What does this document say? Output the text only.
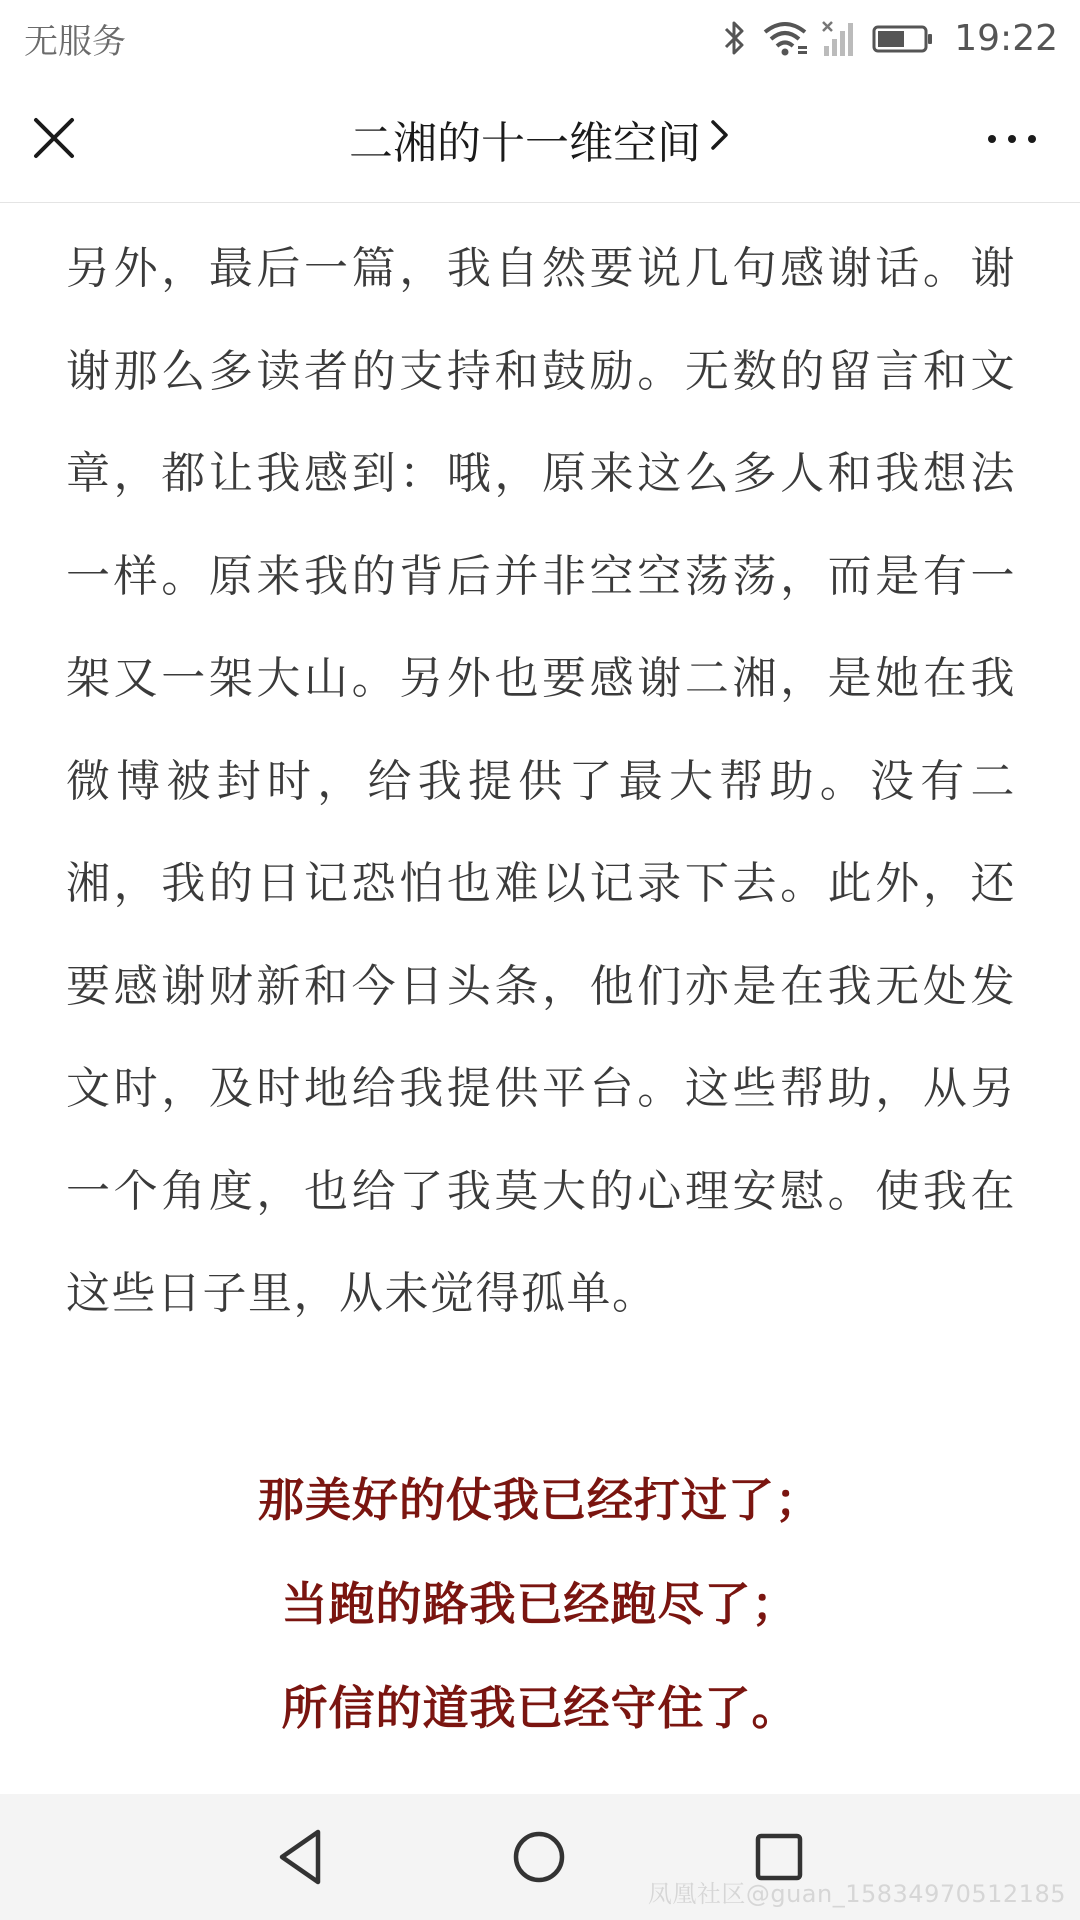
无服务	19:22
二湘的十一维空间

另外，最后一篇，我自然要说几句感谢话。谢谢那么多读者的支持和鼓励。无数的留言和文章，都让我感到：哦，原来这么多人和我想法一样。原来我的背后并非空空荡荡，而是有一架又一架大山。另外也要感谢二湘，是她在我微博被封时，给我提供了最大帮助。没有二湘，我的日记恐怕也难以记录下去。此外，还要感谢财新和今日头条，他们亦是在我无处发文时，及时地给我提供平台。这些帮助，从另一个角度，也给了我莫大的心理安慰。使我在这些日子里，从未觉得孤单。

那美好的仗我已经打过了；

当跑的路我已经跑尽了；

所信的道我已经守住了。

凤凰社区@guan_15834970512185
